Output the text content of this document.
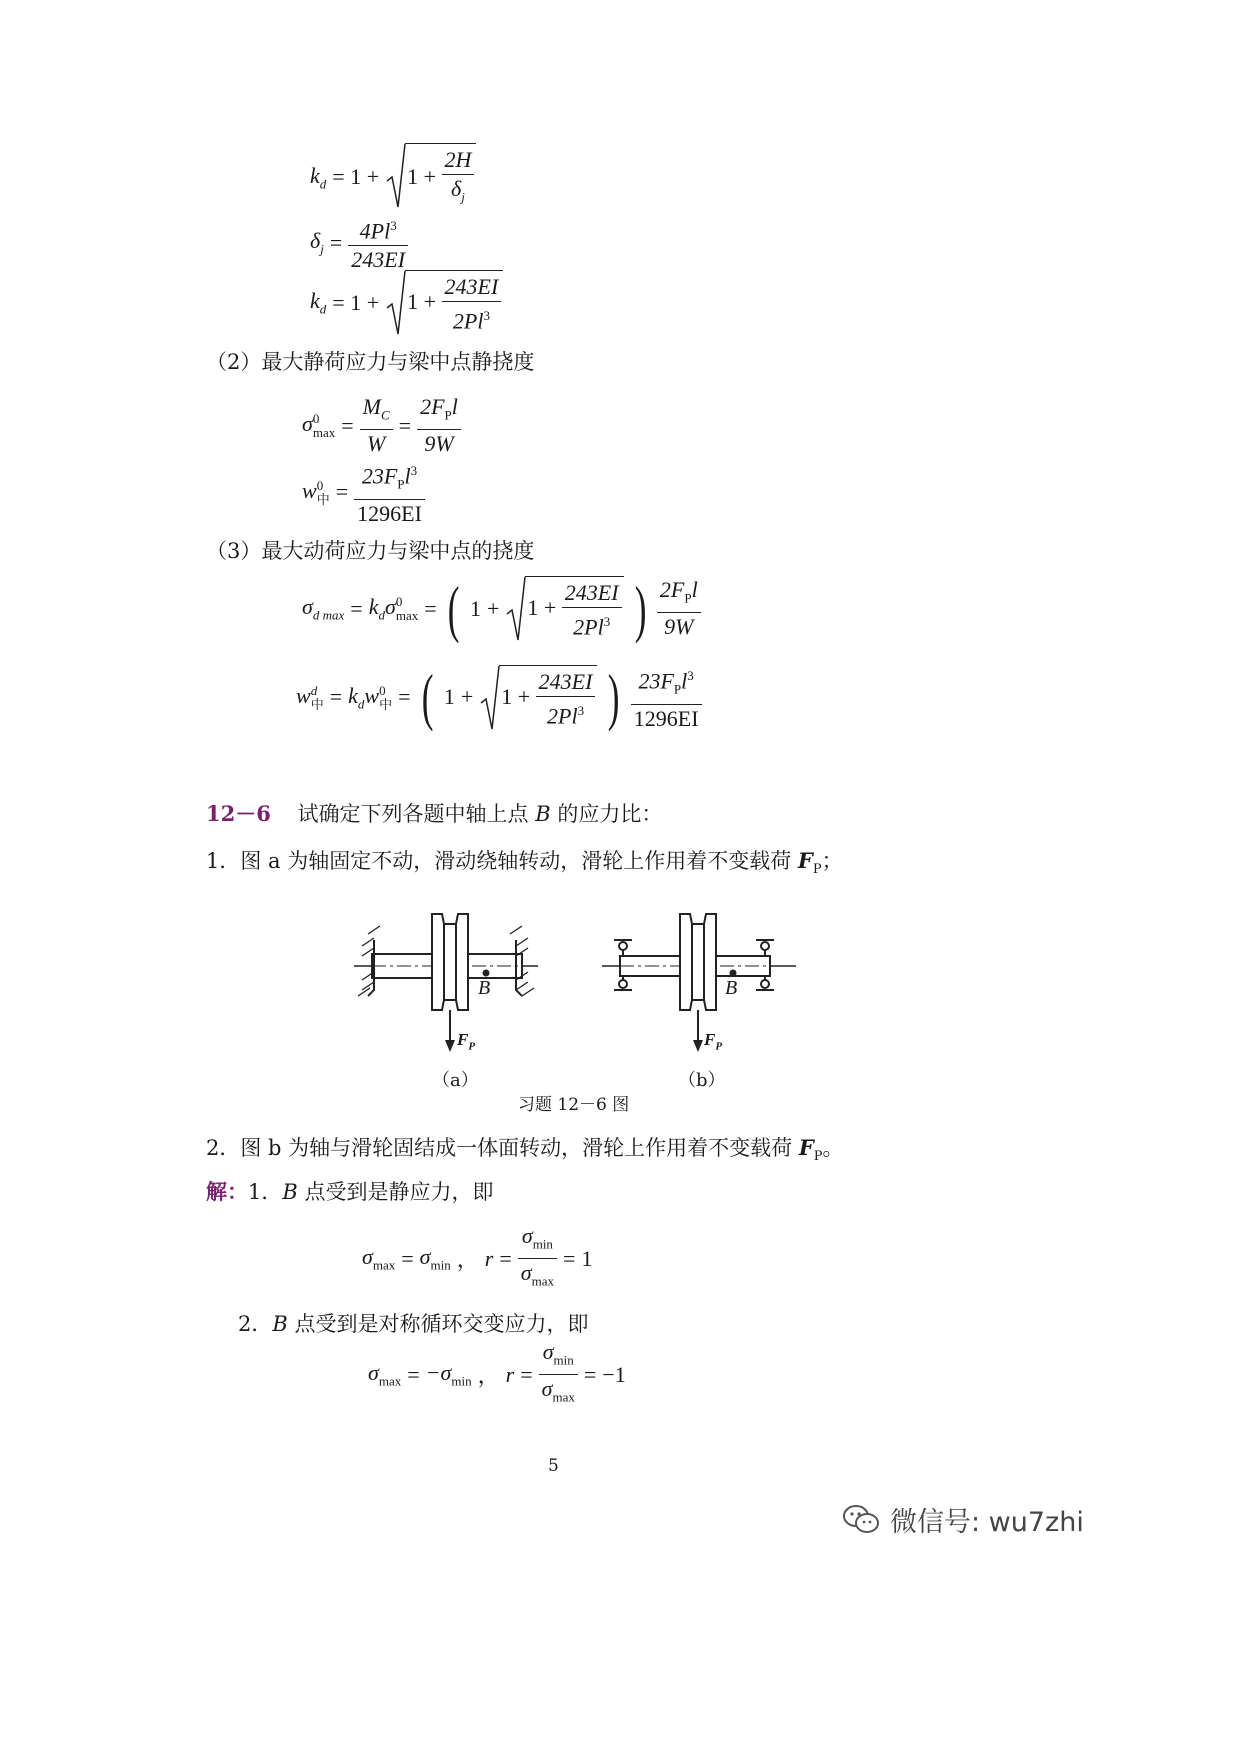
$k_d = 1$ +	$1 + \frac{2H}{\delta_j}$
$\delta_j = \frac{4Pl^3}{243EI}$
$k_d = 1$ +	$1 + \frac{243EI}{2Pl^3}$
（2）最大静荷应力与梁中点静挠度
σ 0
$\max = \frac{M_C}{W} = \frac{2F_Pl}{9W}$
w 0
中 = $\frac{23F_Pl^3}{1296EI}$
（3）最大动荷应力与梁中点的挠度
$\sigma_{d max} = k_d\sigma$ 0
max = ( 1 +	$1 + \frac{243EI}{2Pl^3}$ ) $\frac{2F_Pl}{9W}$
w d
中 = $k_dw$ 0
中 = ( 1 +	$1 + \frac{243EI}{2Pl^3}$ ) $\frac{23F_Pl^3}{1296EI}$
12－6 试确定下列各题中轴上点 B 的应力比：
1．图 a 为轴固定不动，滑动绕轴转动，滑轮上作用着不变载荷 $F_P$；
B	B
$F_P$	$F_P$
（a）	（b）
习题 12－6 图
2．图 b 为轴与滑轮固结成一体面转动，滑轮上作用着不变载荷 $F_P$。
解：1．B 点受到是静应力，即
$\sigma_{max} = \sigma_{min}$ ， $r = \frac{\sigma_{min}}{\sigma_{max}} = 1$
2．B 点受到是对称循环交变应力，即
$\sigma_{max} = -\sigma_{min}$ ， $r = \frac{\sigma_{min}}{\sigma_{max}} = -1$
5
微信号: wu7zhi
